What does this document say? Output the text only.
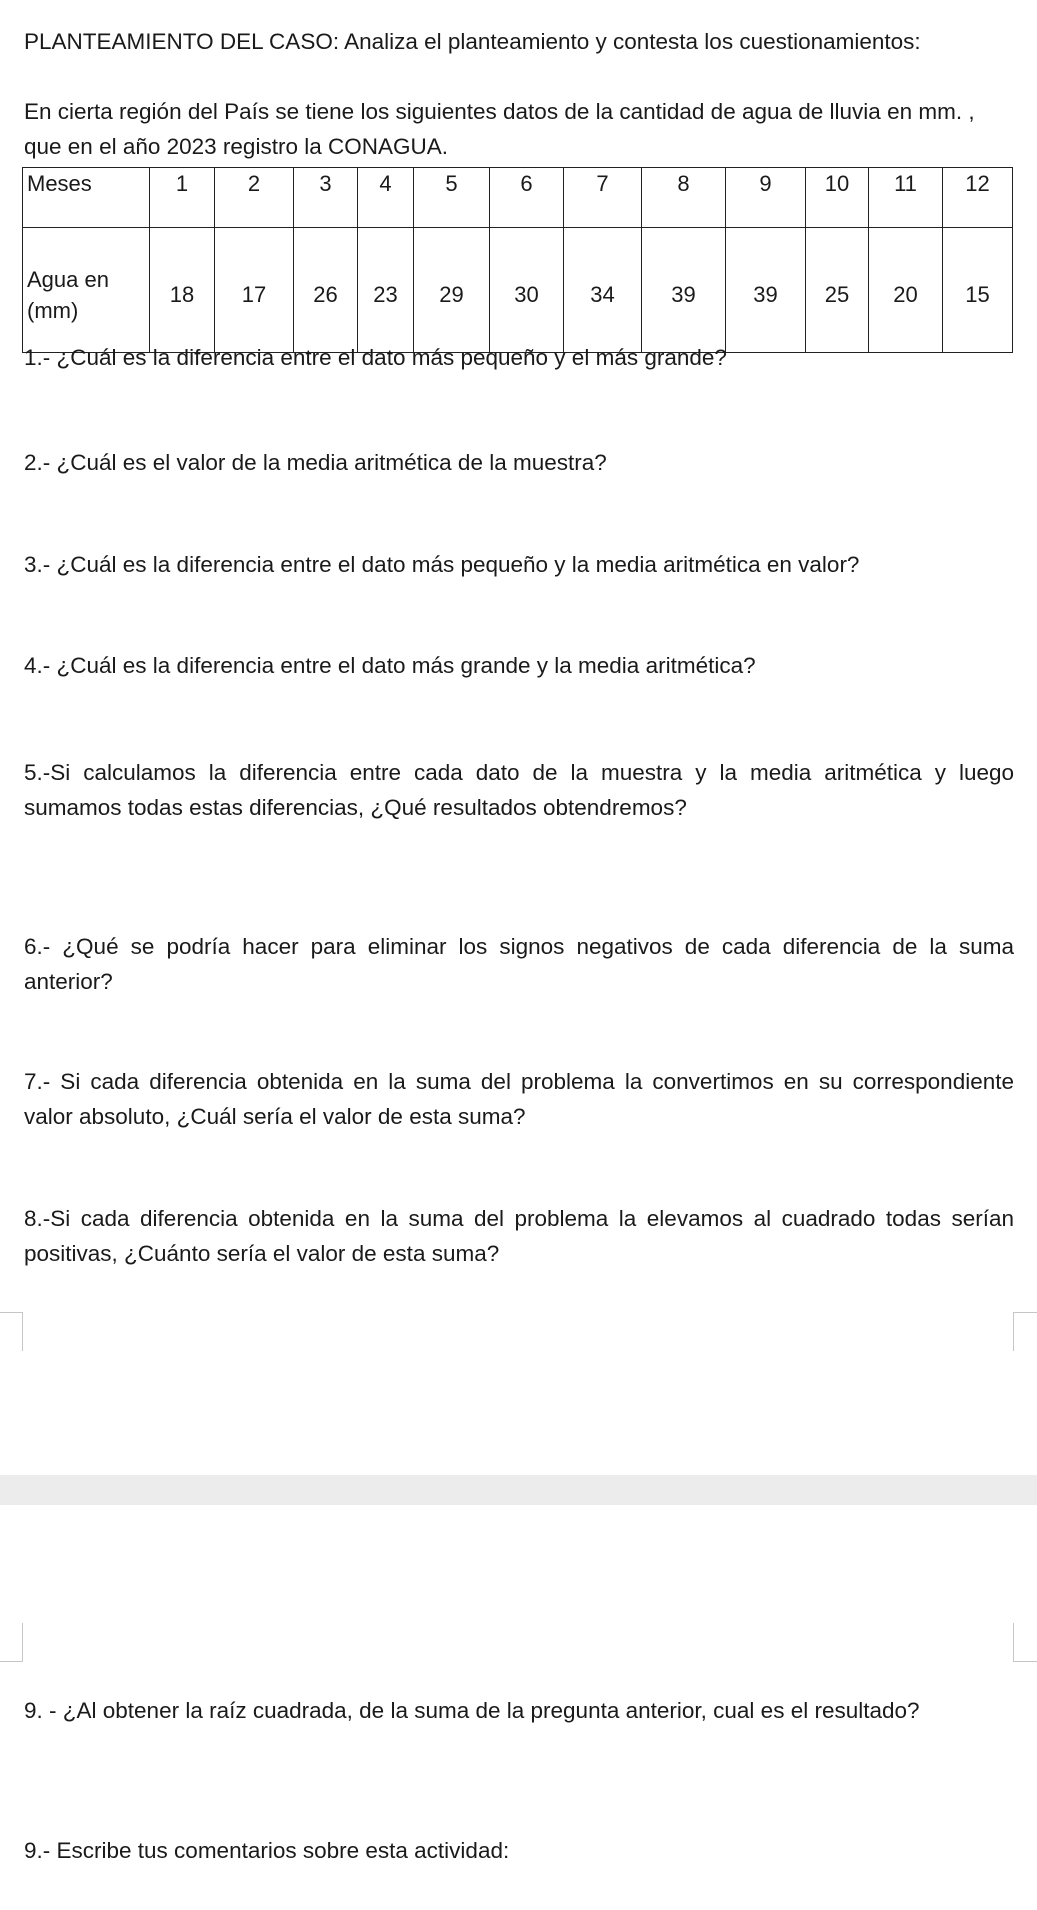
PLANTEAMIENTO DEL CASO: Analiza el planteamiento y contesta los cuestionamientos:

En cierta región del País se tiene los siguientes datos de la cantidad de agua de lluvia en mm. , que en el año 2023 registro la CONAGUA.

Meses	1	2	3	4	5	6	7	8	9	10	11	12
Agua en (mm)	18	17	26	23	29	30	34	39	39	25	20	15

1.- ¿Cuál es la diferencia entre el dato más pequeño y el más grande?

2.- ¿Cuál es el valor de la media aritmética de la muestra?

3.- ¿Cuál es la diferencia entre el dato más pequeño y la media aritmética en valor?

4.- ¿Cuál es la diferencia entre el dato más grande y la media aritmética?

5.-Si calculamos la diferencia entre cada dato de la muestra y la media aritmética y luego sumamos todas estas diferencias, ¿Qué resultados obtendremos?

6.- ¿Qué se podría hacer para eliminar los signos negativos de cada diferencia de la suma anterior?

7.- Si cada diferencia obtenida en la suma del problema la convertimos en su correspondiente valor absoluto, ¿Cuál sería el valor de esta suma?

8.-Si cada diferencia obtenida en la suma del problema la elevamos al cuadrado todas serían positivas, ¿Cuánto sería el valor de esta suma?

9. - ¿Al obtener la raíz cuadrada, de la suma de la pregunta anterior, cual es el resultado?

9.- Escribe tus comentarios sobre esta actividad:
